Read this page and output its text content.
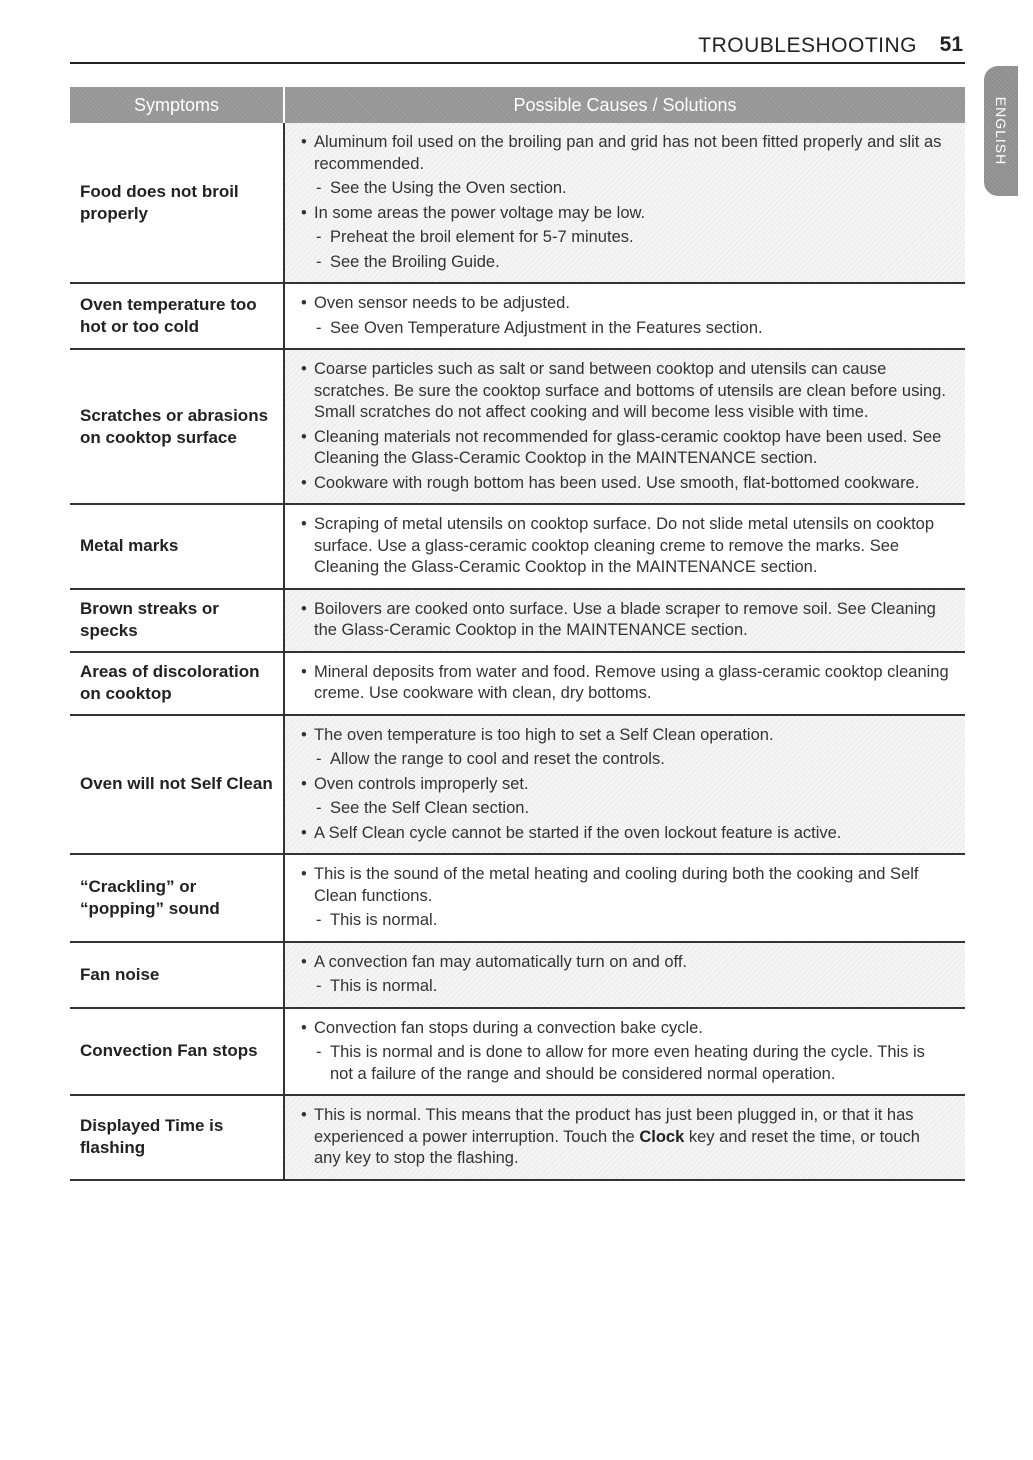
TROUBLESHOOTING 51
ENGLISH
Symptoms	Possible Causes / Solutions
Food does not broil properly	• Aluminum foil used on the broiling pan and grid has not been fitted properly and slit as recommended.
- See the Using the Oven section.
• In some areas the power voltage may be low.
- Preheat the broil element for 5-7 minutes.
- See the Broiling Guide.

Oven temperature too hot or too cold	• Oven sensor needs to be adjusted.
- See Oven Temperature Adjustment in the Features section.

Scratches or abrasions on cooktop surface	• Coarse particles such as salt or sand between cooktop and utensils can cause scratches. Be sure the cooktop surface and bottoms of utensils are clean before using. Small scratches do not affect cooking and will become less visible with time.
• Cleaning materials not recommended for glass-ceramic cooktop have been used. See Cleaning the Glass-Ceramic Cooktop in the MAINTENANCE section.
• Cookware with rough bottom has been used. Use smooth, flat-bottomed cookware.

Metal marks	• Scraping of metal utensils on cooktop surface. Do not slide metal utensils on cooktop surface. Use a glass-ceramic cooktop cleaning creme to remove the marks. See Cleaning the Glass-Ceramic Cooktop in the MAINTENANCE section.

Brown streaks or specks	• Boilovers are cooked onto surface. Use a blade scraper to remove soil. See Cleaning the Glass-Ceramic Cooktop in the MAINTENANCE section.

Areas of discoloration on cooktop	• Mineral deposits from water and food. Remove using a glass-ceramic cooktop cleaning creme. Use cookware with clean, dry bottoms.

Oven will not Self Clean	• The oven temperature is too high to set a Self Clean operation.
- Allow the range to cool and reset the controls.
• Oven controls improperly set.
- See the Self Clean section.
• A Self Clean cycle cannot be started if the oven lockout feature is active.

“Crackling” or “popping” sound	• This is the sound of the metal heating and cooling during both the cooking and Self Clean functions.
- This is normal.

Fan noise	• A convection fan may automatically turn on and off.
- This is normal.

Convection Fan stops	• Convection fan stops during a convection bake cycle.
- This is normal and is done to allow for more even heating during the cycle. This is not a failure of the range and should be considered normal operation.

Displayed Time is flashing	• This is normal. This means that the product has just been plugged in, or that it has experienced a power interruption. Touch the Clock key and reset the time, or touch any key to stop the flashing.
